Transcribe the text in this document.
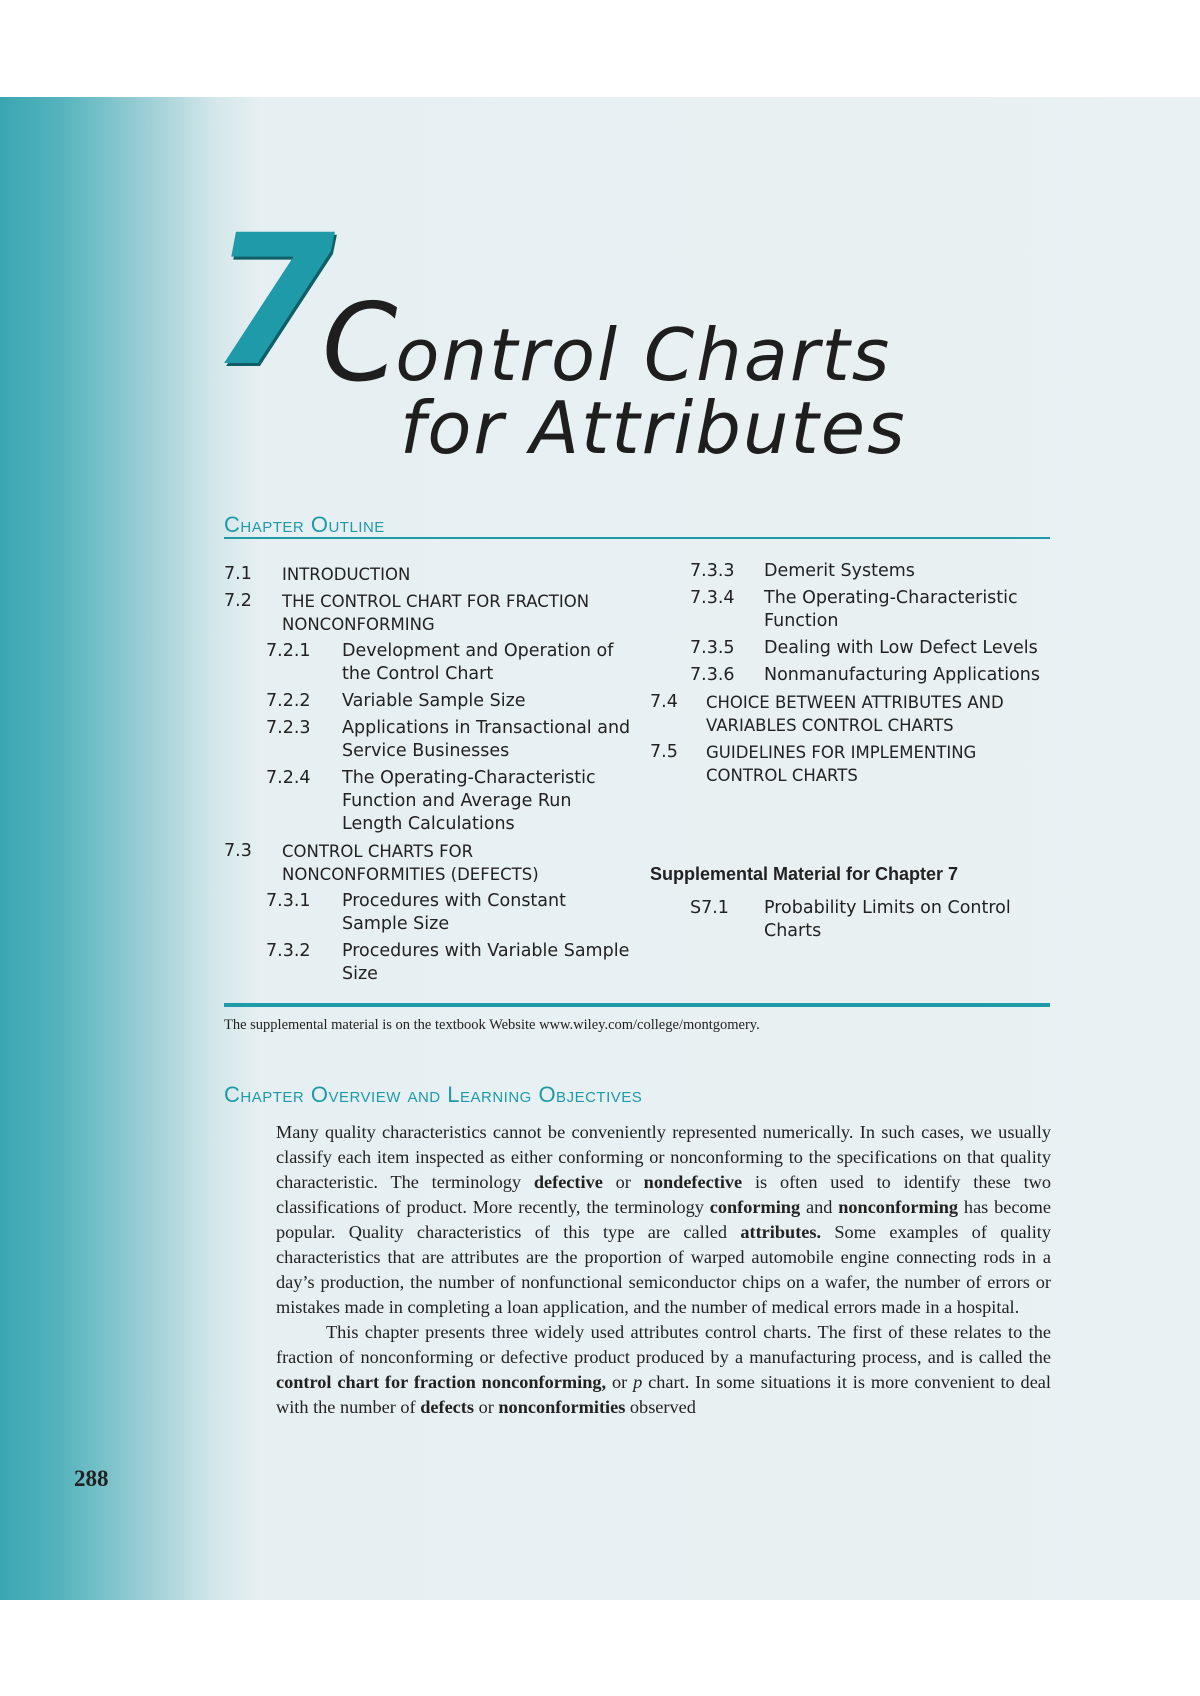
7
Control Charts
for Attributes
Chapter Outline
7.1	INTRODUCTION
7.2	THE CONTROL CHART FOR FRACTION NONCONFORMING
7.2.1	Development and Operation of the Control Chart
7.2.2	Variable Sample Size
7.2.3	Applications in Transactional and Service Businesses
7.2.4	The Operating-Characteristic Function and Average Run Length Calculations
7.3	CONTROL CHARTS FOR NONCONFORMITIES (DEFECTS)
7.3.1	Procedures with Constant Sample Size
7.3.2	Procedures with Variable Sample Size
7.3.3	Demerit Systems
7.3.4	The Operating-Characteristic Function
7.3.5	Dealing with Low Defect Levels
7.3.6	Nonmanufacturing Applications
7.4	CHOICE BETWEEN ATTRIBUTES AND VARIABLES CONTROL CHARTS
7.5	GUIDELINES FOR IMPLEMENTING CONTROL CHARTS
Supplemental Material for Chapter 7
S7.1	Probability Limits on Control Charts
The supplemental material is on the textbook Website www.wiley.com/college/montgomery.
Chapter Overview and Learning Objectives

Many quality characteristics cannot be conveniently represented numerically. In such cases, we usually classify each item inspected as either conforming or nonconforming to the specifications on that quality characteristic. The terminology defective or nondefective is often used to identify these two classifications of product. More recently, the terminology conforming and nonconforming has become popular. Quality characteristics of this type are called attributes. Some examples of quality characteristics that are attributes are the proportion of warped automobile engine connecting rods in a day’s production, the number of nonfunctional semiconductor chips on a wafer, the number of errors or mistakes made in completing a loan application, and the number of medical errors made in a hospital.

This chapter presents three widely used attributes control charts. The first of these relates to the fraction of nonconforming or defective product produced by a manufacturing process, and is called the control chart for fraction nonconforming, or p chart. In some situations it is more convenient to deal with the number of defects or nonconformities observed

288
